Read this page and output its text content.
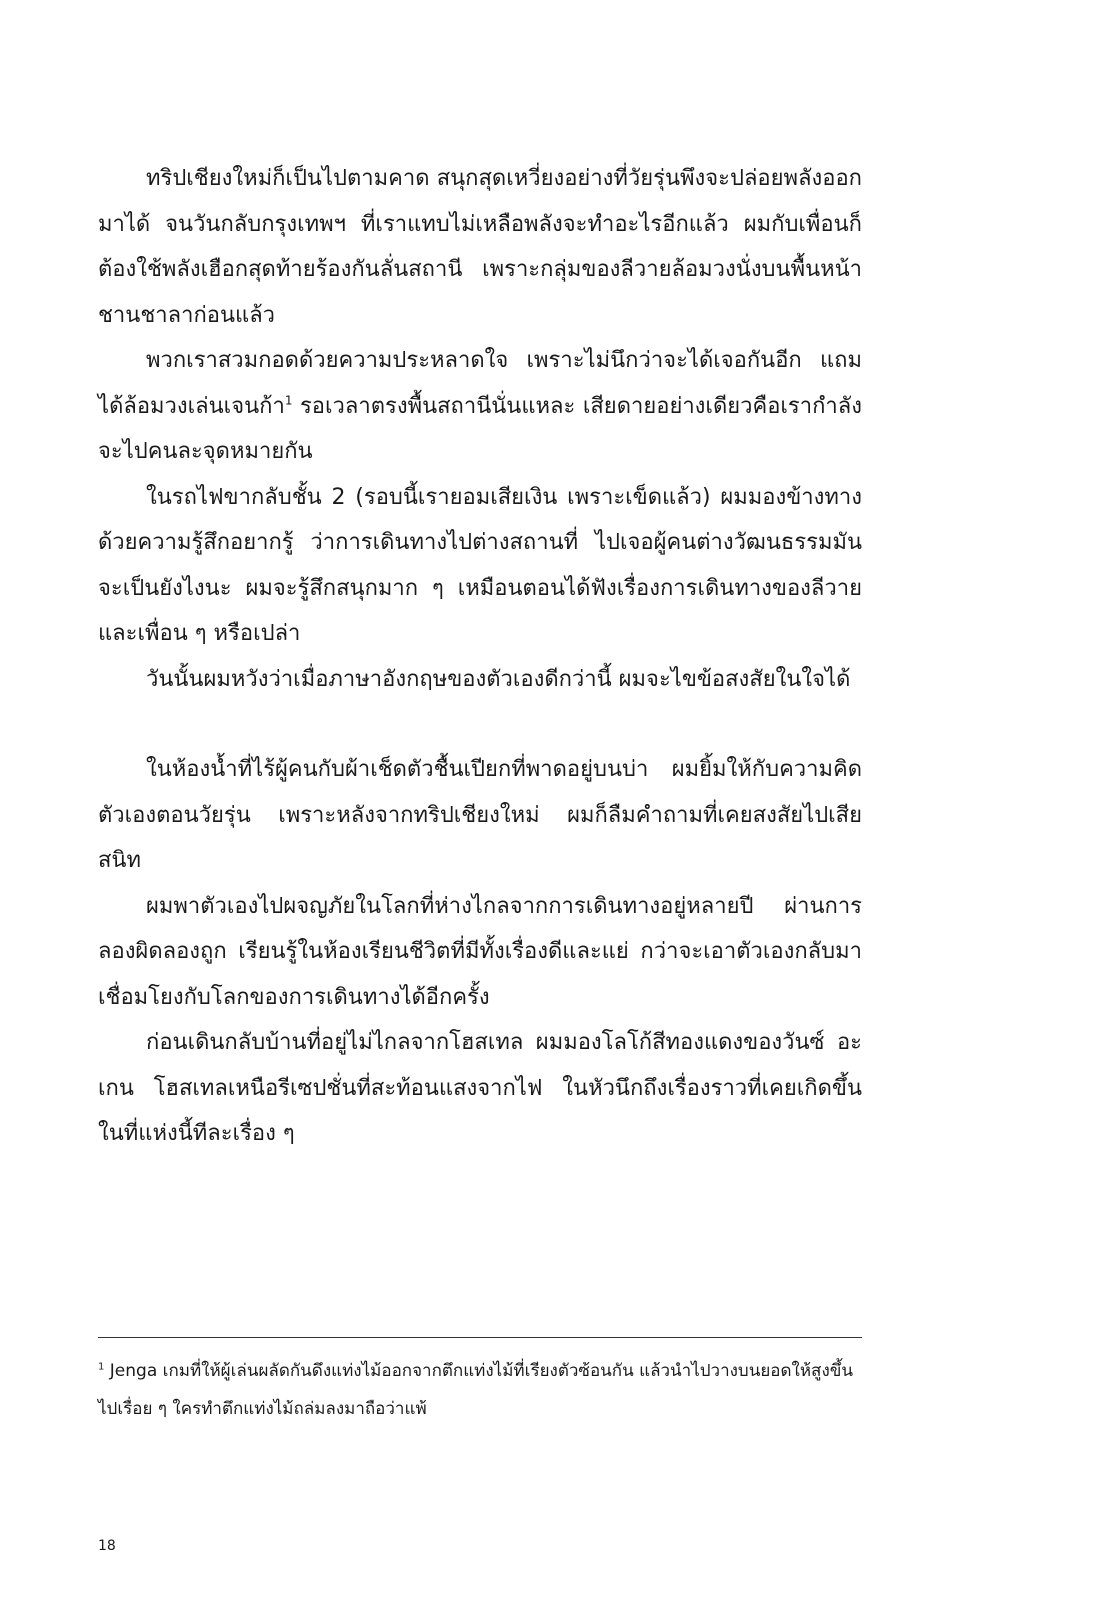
ทริปเชียงใหม่ก็เป็นไปตามคาด สนุกสุดเหวี่ยงอย่างที่วัยรุ่นพึงจะปล่อยพลังออกมาได้ จนวันกลับกรุงเทพฯ ที่เราแทบไม่เหลือพลังจะทำอะไรอีกแล้ว ผมกับเพื่อนก็ต้องใช้พลังเฮือกสุดท้ายร้องกันลั่นสถานี เพราะกลุ่มของลีวายล้อมวงนั่งบนพื้นหน้าชานชาลาก่อนแล้ว

พวกเราสวมกอดด้วยความประหลาดใจ เพราะไม่นึกว่าจะได้เจอกันอีก แถมได้ล้อมวงเล่นเจนก้า$^1$ รอเวลาตรงพื้นสถานีนั่นแหละ เสียดายอย่างเดียวคือเรากำลังจะไปคนละจุดหมายกัน

ในรถไฟขากลับชั้น 2 (รอบนี้เรายอมเสียเงิน เพราะเข็ดแล้ว) ผมมองข้างทางด้วยความรู้สึกอยากรู้ ว่าการเดินทางไปต่างสถานที่ ไปเจอผู้คนต่างวัฒนธรรมมันจะเป็นยังไงนะ ผมจะรู้สึกสนุกมาก ๆ เหมือนตอนได้ฟังเรื่องการเดินทางของลีวายและเพื่อน ๆ หรือเปล่า

วันนั้นผมหวังว่าเมื่อภาษาอังกฤษของตัวเองดีกว่านี้ ผมจะไขข้อสงสัยในใจได้

ในห้องน้ำที่ไร้ผู้คนกับผ้าเช็ดตัวชื้นเปียกที่พาดอยู่บนบ่า ผมยิ้มให้กับความคิดตัวเองตอนวัยรุ่น เพราะหลังจากทริปเชียงใหม่ ผมก็ลืมคำถามที่เคยสงสัยไปเสียสนิท

ผมพาตัวเองไปผจญภัยในโลกที่ห่างไกลจากการเดินทางอยู่หลายปี ผ่านการลองผิดลองถูก เรียนรู้ในห้องเรียนชีวิตที่มีทั้งเรื่องดีและแย่ กว่าจะเอาตัวเองกลับมาเชื่อมโยงกับโลกของการเดินทางได้อีกครั้ง

ก่อนเดินกลับบ้านที่อยู่ไม่ไกลจากโฮสเทล ผมมองโลโก้สีทองแดงของวันซ์ อะเกน โฮสเทลเหนือรีเซปชั่นที่สะท้อนแสงจากไฟ ในหัวนึกถึงเรื่องราวที่เคยเกิดขึ้นในที่แห่งนี้ทีละเรื่อง ๆ

$^1$ Jenga เกมที่ให้ผู้เล่นผลัดกันดึงแท่งไม้ออกจากตึกแท่งไม้ที่เรียงตัวซ้อนกัน แล้วนำไปวางบนยอดให้สูงขึ้นไปเรื่อย ๆ ใครทำตึกแท่งไม้ถล่มลงมาถือว่าแพ้

18
